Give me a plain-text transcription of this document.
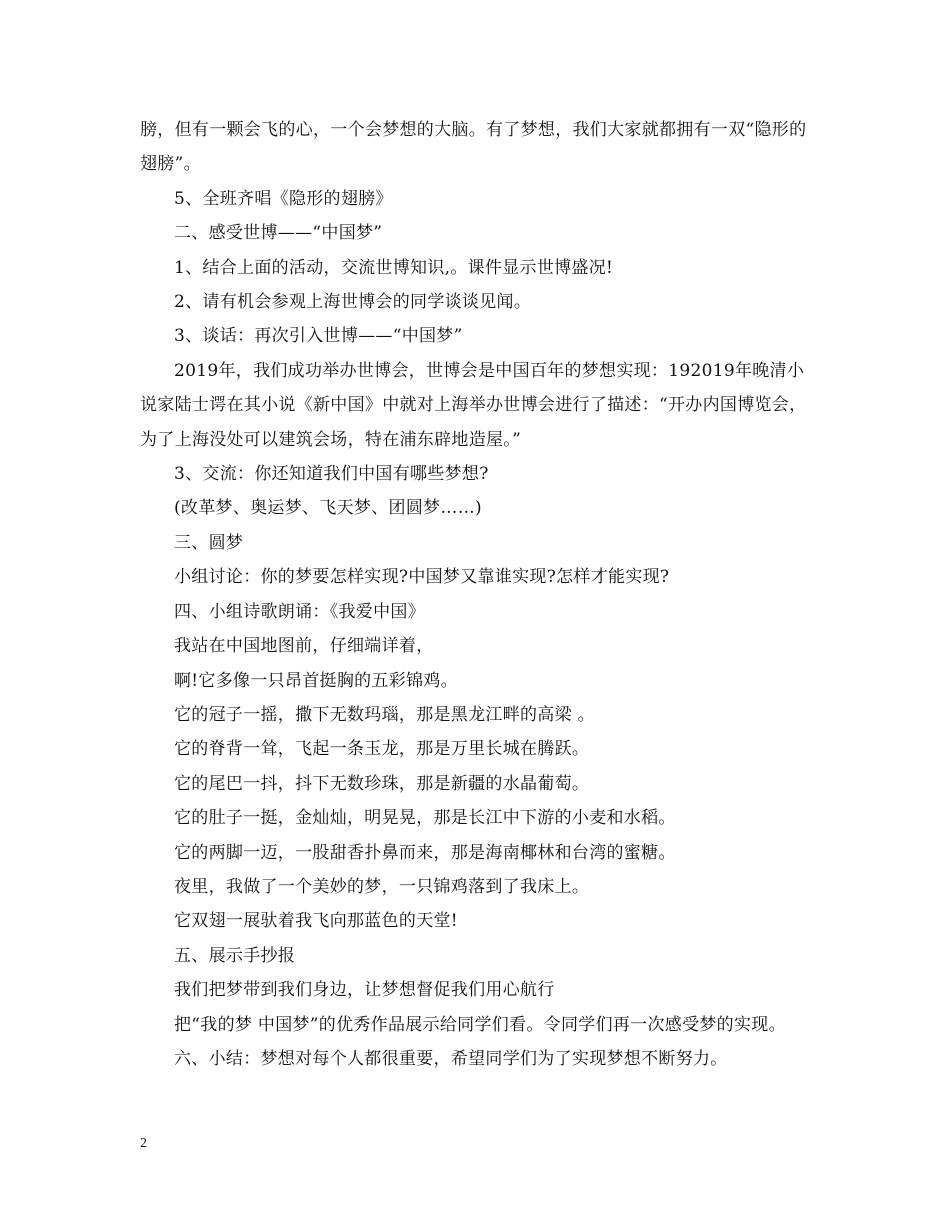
膀，但有一颗会飞的心，一个会梦想的大脑。有了梦想，我们大家就都拥有一双“隐形的翅膀”。

5、全班齐唱《隐形的翅膀》

二、感受世博——“中国梦”

1、结合上面的活动，交流世博知识,。课件显示世博盛况!

2、请有机会参观上海世博会的同学谈谈见闻。

3、谈话：再次引入世博——“中国梦”

2019年，我们成功举办世博会，世博会是中国百年的梦想实现：192019年晚清小说家陆士谔在其小说《新中国》中就对上海举办世博会进行了描述：“开办内国博览会，为了上海没处可以建筑会场，特在浦东辟地造屋。”

3、交流：你还知道我们中国有哪些梦想?

(改革梦、奥运梦、飞天梦、团圆梦……)

三、圆梦

小组讨论：你的梦要怎样实现?中国梦又靠谁实现?怎样才能实现?

四、小组诗歌朗诵：《我爱中国》

我站在中国地图前，仔细端详着，

啊!它多像一只昂首挺胸的五彩锦鸡。

它的冠子一摇，撒下无数玛瑙，那是黑龙江畔的高梁 。

它的脊背一耸，飞起一条玉龙，那是万里长城在腾跃。

它的尾巴一抖，抖下无数珍珠，那是新疆的水晶葡萄。

它的肚子一挺，金灿灿，明晃晃，那是长江中下游的小麦和水稻。

它的两脚一迈，一股甜香扑鼻而来，那是海南椰林和台湾的蜜糖。

夜里，我做了一个美妙的梦，一只锦鸡落到了我床上。

它双翅一展驮着我飞向那蓝色的天堂!

五、展示手抄报

我们把梦带到我们身边，让梦想督促我们用心航行

把“我的梦 中国梦”的优秀作品展示给同学们看。令同学们再一次感受梦的实现。

六、小结：梦想对每个人都很重要，希望同学们为了实现梦想不断努力。

2
